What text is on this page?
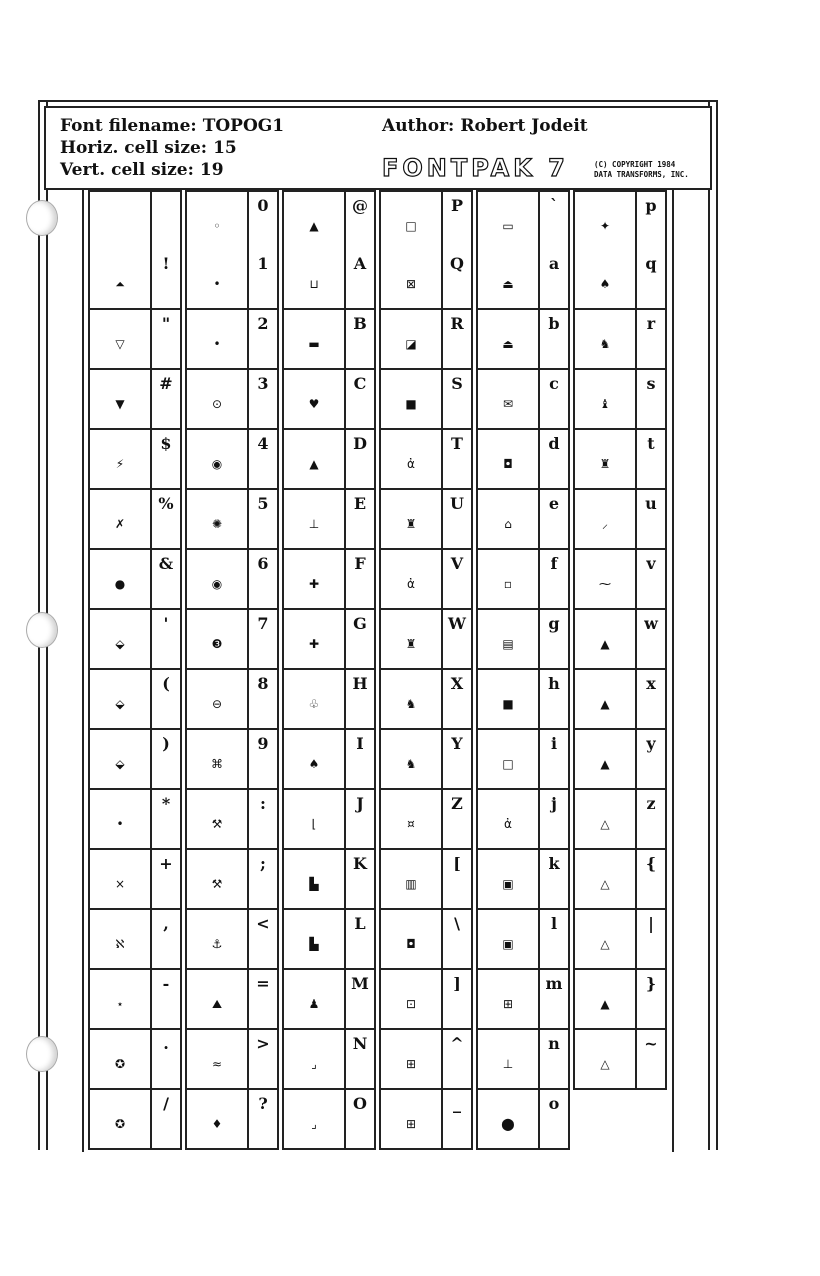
Font filename: TOPOG1
Horiz. cell size: 15
Vert. cell size: 19
Author: Robert Jodeit
FONTPAK 7	(C) COPYRIGHT 1984
DATA TRANSFORMS, INC.
⏶
!
▽
"
▼
#
⚡
$
✗
%
●
&
⬙
'
⬙
(
⬙
)
•
*
×
+
ℵ
,
⋆
-
✪
.
✪
/
◦
0
•
1
•
2
⊙
3
◉
4
✺
5
◉
6
❸
7
⊖
8
⌘
9
⚒
:
⚒
;
⚓
<
⛰
=
≈
>
♦
?
▲
@
⊔
A
▬
B
♥
C
▲
D
⊥
E
✚
F
✚
G
♧
H
♠
I
⌊
J
▙
K
▙
L
♟
M
⌟
N
⌟
O
□
P
⊠
Q
◪
R
■
S
ἀ
T
♜
U
ἀ
V
♜
W
♞
X
♞
Y
¤
Z
▥
[
◘
\
⊡
]
⊞
^
⊞
_
▭
`
⏏
a
⏏
b
✉
c
◘
d
⌂
e
▫
f
▤
g
■
h
□
i
ἀ
j
▣
k
▣
l
⊞
m
⊥
n
⬤
o
✦
p
♠
q
♞
r
♝
s
♜
t
⸝
u
⁓
v
▲
w
▲
x
▲
y
△
z
△
{
△
|
▲
}
△
~
